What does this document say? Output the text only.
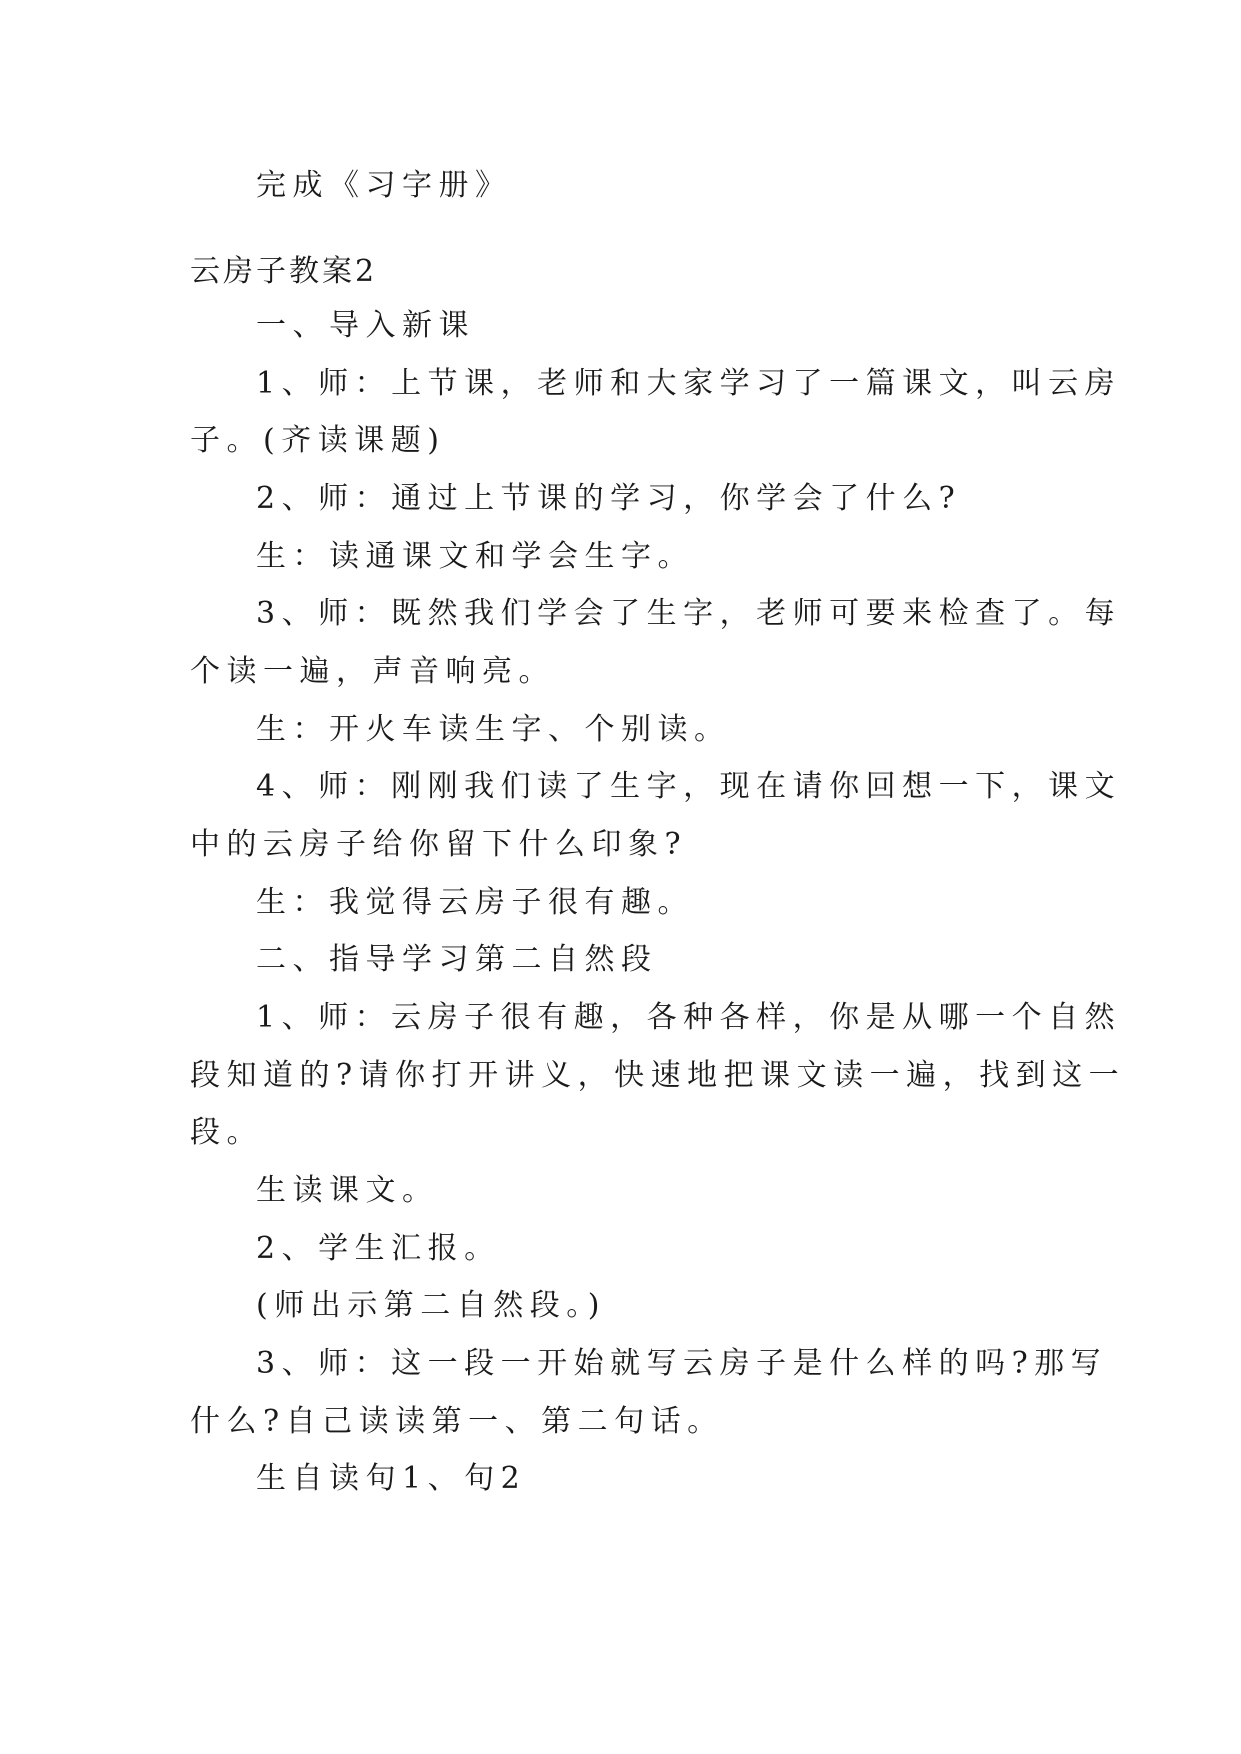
完成《习字册》

云房子教案2

一、导入新课

1、师：上节课，老师和大家学习了一篇课文，叫云房

子。(齐读课题)

2、师：通过上节课的学习，你学会了什么?

生：读通课文和学会生字。

3、师：既然我们学会了生字，老师可要来检查了。每

个读一遍，声音响亮。

生：开火车读生字、个别读。

4、师：刚刚我们读了生字，现在请你回想一下，课文

中的云房子给你留下什么印象?

生：我觉得云房子很有趣。

二、指导学习第二自然段

1、师：云房子很有趣，各种各样，你是从哪一个自然

段知道的?请你打开讲义，快速地把课文读一遍，找到这一

段。

生读课文。

2、学生汇报。

(师出示第二自然段。)

3、师：这一段一开始就写云房子是什么样的吗?那写

什么?自己读读第一、第二句话。

生自读句1、句2
